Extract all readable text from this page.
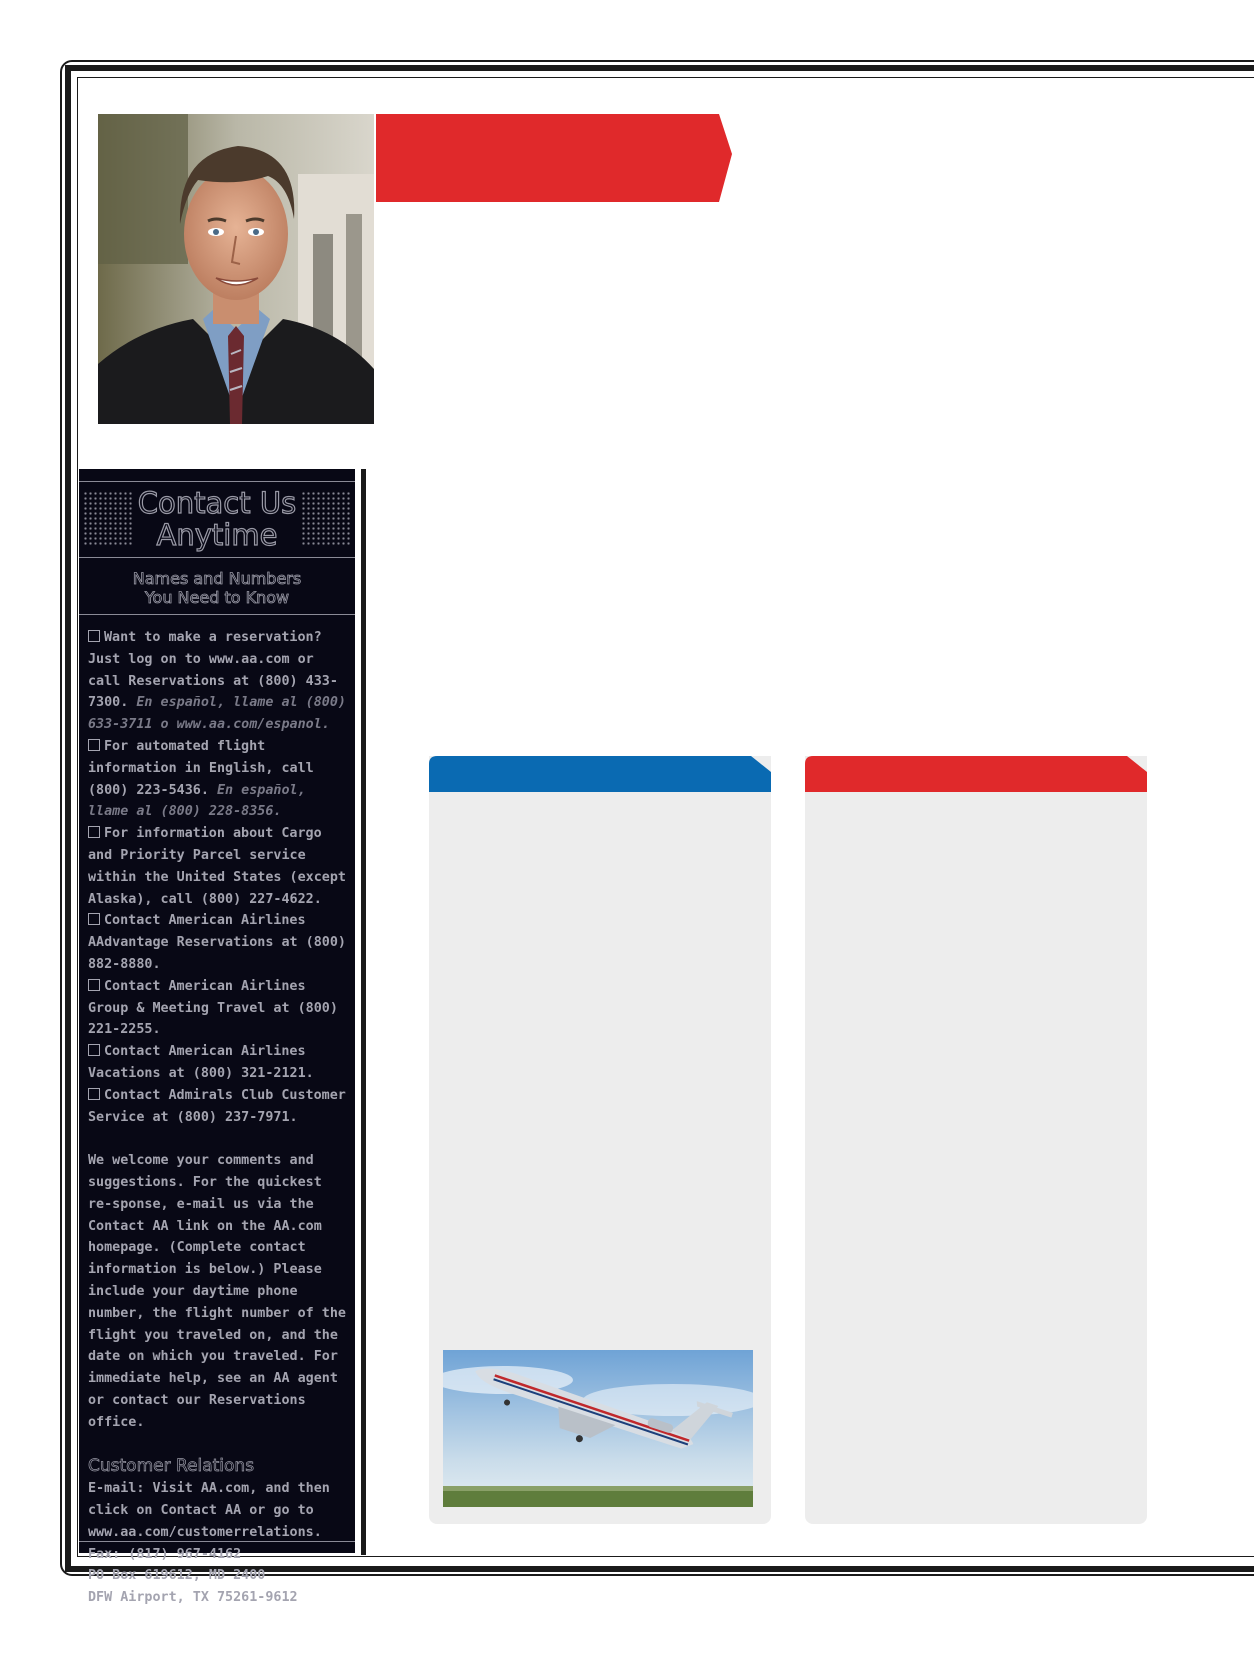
Contact Us
Anytime
Names and Numbers
You Need to Know

Want to make a reservation? Just log on to www.aa.com or call Reservations at (800) 433-7300. En español, llame al (800) 633-3711 o www.aa.com/espanol.

For automated flight information in English, call (800) 223-5436. En español, llame al (800) 228-8356.

For information about Cargo and Priority Parcel service within the United States (except Alaska), call (800) 227-4622.

Contact American Airlines AAdvantage Reservations at (800) 882-8880.

Contact American Airlines Group & Meeting Travel at (800) 221-2255.

Contact American Airlines Vacations at (800) 321-2121.

Contact Admirals Club Customer Service at (800) 237-7971.

We welcome your comments and suggestions. For the quickest re-sponse, e-mail us via the Contact AA link on the AA.com homepage. (Complete contact information is below.) Please include your daytime phone number, the flight number of the flight you traveled on, and the date on which you traveled. For immediate help, see an AA agent or contact our Reservations office.

Customer Relations

E-mail: Visit AA.com, and then click on Contact AA or go to www.aa.com/customerrelations.

Fax: (817) 967-4162

PO Box 619612, MD 2400

DFW Airport, TX 75261-9612
